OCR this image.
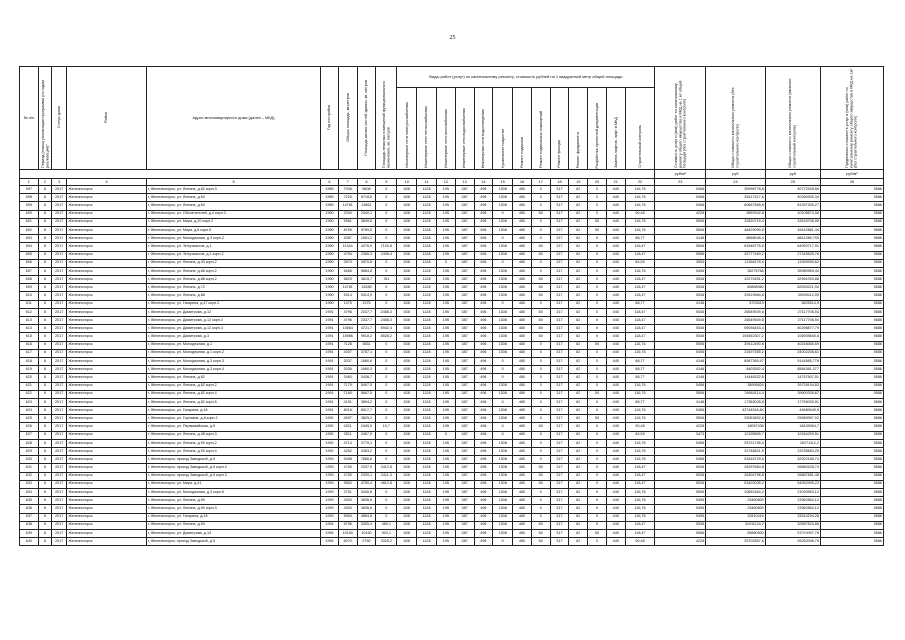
25
№ п/п	Период (этапы) реализации программы (по годам реализации)*	Статус дома	Район	Адрес многоквартирного дома (далее – МКД)	Год постройки	Общая площадь, кв.метров	Площадь жилых частей здания, кв. метров	Площадь нежилых помещений функционального назначения, кв. метров	Виды работ (услуг) по капитальному ремонту, стоимость рублей на 1 квадратный метр общей площади													Стоимость услуг и (или) работ по капитальному ремонту общего имущества в МКД на 1 м² общей площади (без строительного контроля)	Общая стоимость капитального ремонта (без строительного контроля)	Общая стоимость капитального ремонта (включая строительный контроль)	Предельная стоимость услуг и (или) работ по капитальному ремонту общего имущества в МКД на 1м² (без строительного контроля)
									Инженерные сети электроснабжения	Инженерные сети теплоснабжения	Инженерные сети газоснабжения	Инженерные сети водоснабжения	Инженерные сети водоотведения	Кровельное покрытие	Ремонт подвалов	Ремонт подвальных помещений	Ремонт фасада	Ремонт фундамента	Разработка проектной документации	Замена лифтов, лифт в МКД	Строительный контроль				
																						руб/м²	руб	руб	руб/м²
1	2	3	4	5	6	7	8	9	10	11	12	13	14	15	16	17	18	19	20	21	22	23	24	25	26
597	8	2017	Железногорск	г. Железногорск, ул. Ленина, д.82 корп.3	1989	7936	5608	0	638	1128	195	387	496	1308	480	0	317	62	0	445	116,76	5456	35998778,8	40772928,56	5586
598	8	2017	Железногорск	г. Железногорск, ул. Ленина, д.84	1989	7225	5718,6	0	638	1128	195	387	496	1308	480	0	317	62	0	445	116,76	5456	35417417,6	40260935,34	5586
599	8	2017	Железногорск	г. Железногорск, ул. Ленина, д.84	1989	14761	13861	0	638	1128	195	387	496	1308	480	0	317	62	0	445	116,76	5456	80667565,6	81397305,27	5586
600	8	2017	Железногорск	г. Железногорск, ул. Обогатителей, д.4 корп.3	1990	2340	2340,1	0	638	1128	195	387	496	0	480	80	317	62	0	445	90,48	4228	9893942,8	10105673,08	5586
601	8	2017	Железногорск	г. Железногорск, ул. Мира, д.20 корп.2	1990	5961	3849,6	0	638	1128	195	387	496	1308	480	0	317	62	50	445	116,76	5506	32820715,4	33516706,95	5586
602	8	2017	Железногорск	г. Железногорск, ул. Мира, д.8 корп.5	1990	8759	5789,5	0	638	1128	195	387	496	1308	480	0	317	62	50	445	116,76	5506	48429099,8	49442861,44	5586
603	8	2017	Железногорск	г. Железногорск, ул. Молодежная, д.3 корп.2	1990	2087	1651,1	0	638	1128	195	387	496	0	480	0	317	62	0	445	88,77	4148	8658048,4	8841285,793	5586
604	8	2017	Железногорск	г. Железногорск, ул. Энтузиастов, д.1	1990	11344	4276,9	7103,8	638	1128	195	387	496	1308	480	80	317	62	0	445	116,47	5506	63948776,8	64993717,91	5586
605	8	2017	Железногорск	г. Железногорск, ул. Энтузиастов, д.1 корп.2	1990	4794	2385,3	2408,4	638	1128	195	387	496	1308	480	80	317	62	0	445	118,47	5586	26777469,2	27345529,76	5586
606	8	2017	Железногорск	г. Железногорск, ул. Ленина, д.43 корп.2	1990	2870	2870,8	0	638	1128	0	387	496	0	480	0	317	62	0	445	84,59	3953	11356178,4	11599390,62	5586
607	8	2017	Железногорск	г. Железногорск, ул. Ленина, д.86 корп.2	1990	6465	5684,8	0	638	1128	195	387	496	1308	480	0	317	62	0	445	116,76	5456	35275768	35980969,44	5586
608	8	2017	Железногорск	г. Железногорск, ул. Ленина, д.88 корп.2	1990	5829	3615,7	781	638	1128	195	387	496	1308	480	80	317	62	0	445	118,47	5536	32270451,2	32961093,88	5586
609	8	2017	Железногорск	г. Железногорск, ул. Ленина, д.72	1990	14781	13285	0	638	1128	195	387	496	1308	480	80	317	62	0	445	118,47	5536	80868960	82593221,94	5586
610	8	2017	Железногорск	г. Железногорск, ул. Ленина, д.88	1990	5314	5314,9	0	638	1128	195	387	496	1308	480	80	317	62	0	445	118,47	5536	29419964,8	30049112,05	5586
611	8	2017	Железногорск	г. Железногорск, ул. Гагарина, д.47 корп.2	1990	1375	1375	0	638	1128	195	387	496	0	480	0	317	62	0	445	88,77	4148	5703619	5825514,9	5586
612	8	2017	Железногорск	г. Железногорск, ул. Димитрова, д.12	1991	4796	2337,7	2458,3	638	1128	195	387	496	1308	480	80	317	62	0	445	118,47	5536	26549549,8	27117706,54	5586
613	8	2017	Железногорск	г. Железногорск, ул. Димитрова, д.12 корп.2	1991	4796	2337,7	2458,3	638	1128	195	387	496	1308	480	80	317	62	0	445	118,47	5536	26549549,8	27117706,54	5586
614	8	2017	Железногорск	г. Железногорск, ул. Димитрова, д.12 корп.3	1991	10664	4721,7	5942,4	638	1128	195	387	496	1308	480	80	317	62	0	445	118,47	5536	59036453,4	60298877,79	5586
615	8	2017	Железногорск	г. Железногорск, ул. Димитрова, д.3	1991	18986	9918,2	8528,2	638	1128	195	387	496	1308	480	80	317	62	0	445	118,47	5536	104562307,2	106939840,6	5586
616	8	2017	Железногорск	г. Железногорск, ул. Молодежная, д.1	1991	7128	3651	0	638	1128	195	387	496	1308	480	0	317	62	50	445	116,76	5506	39412490,8	40248366,69	5586
617	8	2017	Железногорск	г. Железногорск, ул. Молодежная, д.1 корп.2	1991	4307	3787,1	0	638	1128	195	387	496	1308	480	0	317	62	0	445	116,76	5456	23497355,2	24002208,61	5586
618	8	2017	Железногорск	г. Железногорск, ул. Молодежная, д.3 корп.3	1991	2037	1660,6	0	638	1128	195	387	496	0	480	0	317	62	0	445	88,77	4148	8987365,97	9144565,776	5586
619	8	2017	Железногорск	г. Железногорск, ул. Молодежная, д.3 корп.4	1991	2036	1660,3	0	638	1128	195	387	496	0	480	0	317	62	0	445	88,77	4148	8403552,4	8584361,377	5586
620	8	2017	Железногорск	г. Железногорск, ул. Ленина, д.82	1991	3483	3436,7	0	638	1128	195	387	496	0	480	0	317	62	0	445	88,77	4148	14448332,6	14757507,51	5586
621	8	2017	Железногорск	г. Железногорск, ул. Ленина, д.82 корп.2	1991	7179	5497,5	0	638	1128	195	387	496	1308	480	0	317	62	0	445	116,76	5456	38995824	39728194,83	5586
622	8	2017	Железногорск	г. Железногорск, ул. Ленина, д.82 корп.4	1991	7160	5667,5	0	638	1128	195	387	496	1308	480	0	317	62	50	445	116,76	5506	39064114,4	39900339,67	5586
623	8	2017	Железногорск	г. Железногорск, ул. Ленина, д.82 корп.5	1991	4191	3894,2	0	638	1128	195	387	496	0	480	0	317	62	0	445	88,77	4148	17383028,8	17755030,91	5586
624	8	2017	Железногорск	г. Железногорск, ул. Гагарина, д.16	1991	8016	8017,7	0	638	1128	195	387	496	1308	480	0	317	62	0	445	116,76	5456	43744518,84	44680649,5	5586
625	8	2017	Железногорск	г. Железногорск, ул. Горняков, д.8 корп.2	1992	4597	3825,1	0	638	1128	195	387	496	1308	480	0	317	62	50	445	116,76	5506	25053892,6	25589957,02	5586
626	8	2017	Железногорск	г. Железногорск, ул. Первомайская, д.5	1992	4321	2449,5	10,7	638	1128	195	387	496	0	480	80	317	62	0	445	90,48	4228	18057438	18439964,7	5586
627	8	2017	Железногорск	г. Железногорск, ул. Ленина, д.48 корп.3	1992	3511	2467,5	0	638	1128	0	387	496	0	480	0	317	62	0	445	84,59	3473	12195805,7	12454299,51	5586
628	8	2017	Железногорск	г. Железногорск, ул. Ленина, д.90 корп.2	1992	4714	3779,1	0	638	1128	195	387	496	1308	480	0	317	62	0	445	116,76	5456	25721796,4	26271112,2	5586
629	8	2017	Железногорск	г. Железногорск, ул. Ленина, д.92 корп.4	1992	4252	3463,2	0	638	1128	195	387	496	1308	480	0	317	62	0	445	116,76	5456	22748821,5	23235683,25	5586
630	8	2017	Железногорск	г. Железногорск, проезд Заводской, д.9	1993	9498	7686,6	0	638	1128	195	387	496	1308	480	0	317	62	0	445	116,76	5456	51816729,6	52922188,74	5586
631	8	2017	Железногорск	г. Железногорск, проезд Заводской, д.9 корп.2	1993	4750	2337,5	2412,8	638	1128	195	387	496	1308	480	80	317	62	0	445	118,47	5536	26297660,8	26860428,74	5586
632	8	2017	Железногорск	г. Железногорск, проезд Заводской, д.9 корп.3	1993	4750	2339,1	2411,3	638	1128	195	387	496	1308	480	80	317	62	0	445	118,47	5536	26304796,8	26867681,48	5586
633	8	2017	Железногорск	г. Железногорск, ул. Мира, д.41	1993	9563	4750,4	4812,8	638	1128	195	387	496	1308	480	80	317	62	0	445	118,47	5536	53420035,2	54552995,23	5586
634	8	2017	Железногорск	г. Железногорск, ул. Молодежная, д.3 корп.5	1993	3751	3440,8	0	638	1128	195	387	496	1308	480	0	317	62	0	445	116,76	5506	20652464,2	21093953,12	5586
635	8	2017	Железногорск	г. Железногорск, ул. Ленина, д.90	1993	4300	3836,6	0	638	1128	195	387	496	1308	480	0	317	62	0	445	116,76	5456	23460800	23962862,12	5586
636	8	2017	Железногорск	г. Железногорск, ул. Ленина, д.90 корп.3	1993	4300	3836,6	0	638	1128	195	387	496	1308	480	0	317	62	0	445	116,76	5456	23460800	23962862,12	5586
637	8	2017	Железногорск	г. Железногорск, ул. Гагарина, д.18	1993	5964	4854,8	0	638	1128	195	387	496	1308	480	0	317	62	0	445	116,76	5456	32810416	33510294,28	5586
638	8	2017	Железногорск	г. Железногорск, ул. Ленина, д.94	1994	5796	3305,4	489,1	638	1128	195	387	496	1308	480	80	317	62	0	445	118,47	5536	31911124,2	32587620,86	5586
639	8	2017	Железногорск	г. Железногорск, ул. Димитрова, д.14	1994	10150	10150	903,1	638	1128	195	387	496	1308	480	80	317	62	50	445	118,47	5586	55880900	57074097,76	5586
640	8	2017	Железногорск	г. Железногорск, проезд Заводской, д.5	1994	6070	2750	3329,2	638	1128	195	387	496	0	480	80	317	62	0	445	90,48	4228	25702857,6	26252098,75	5586
